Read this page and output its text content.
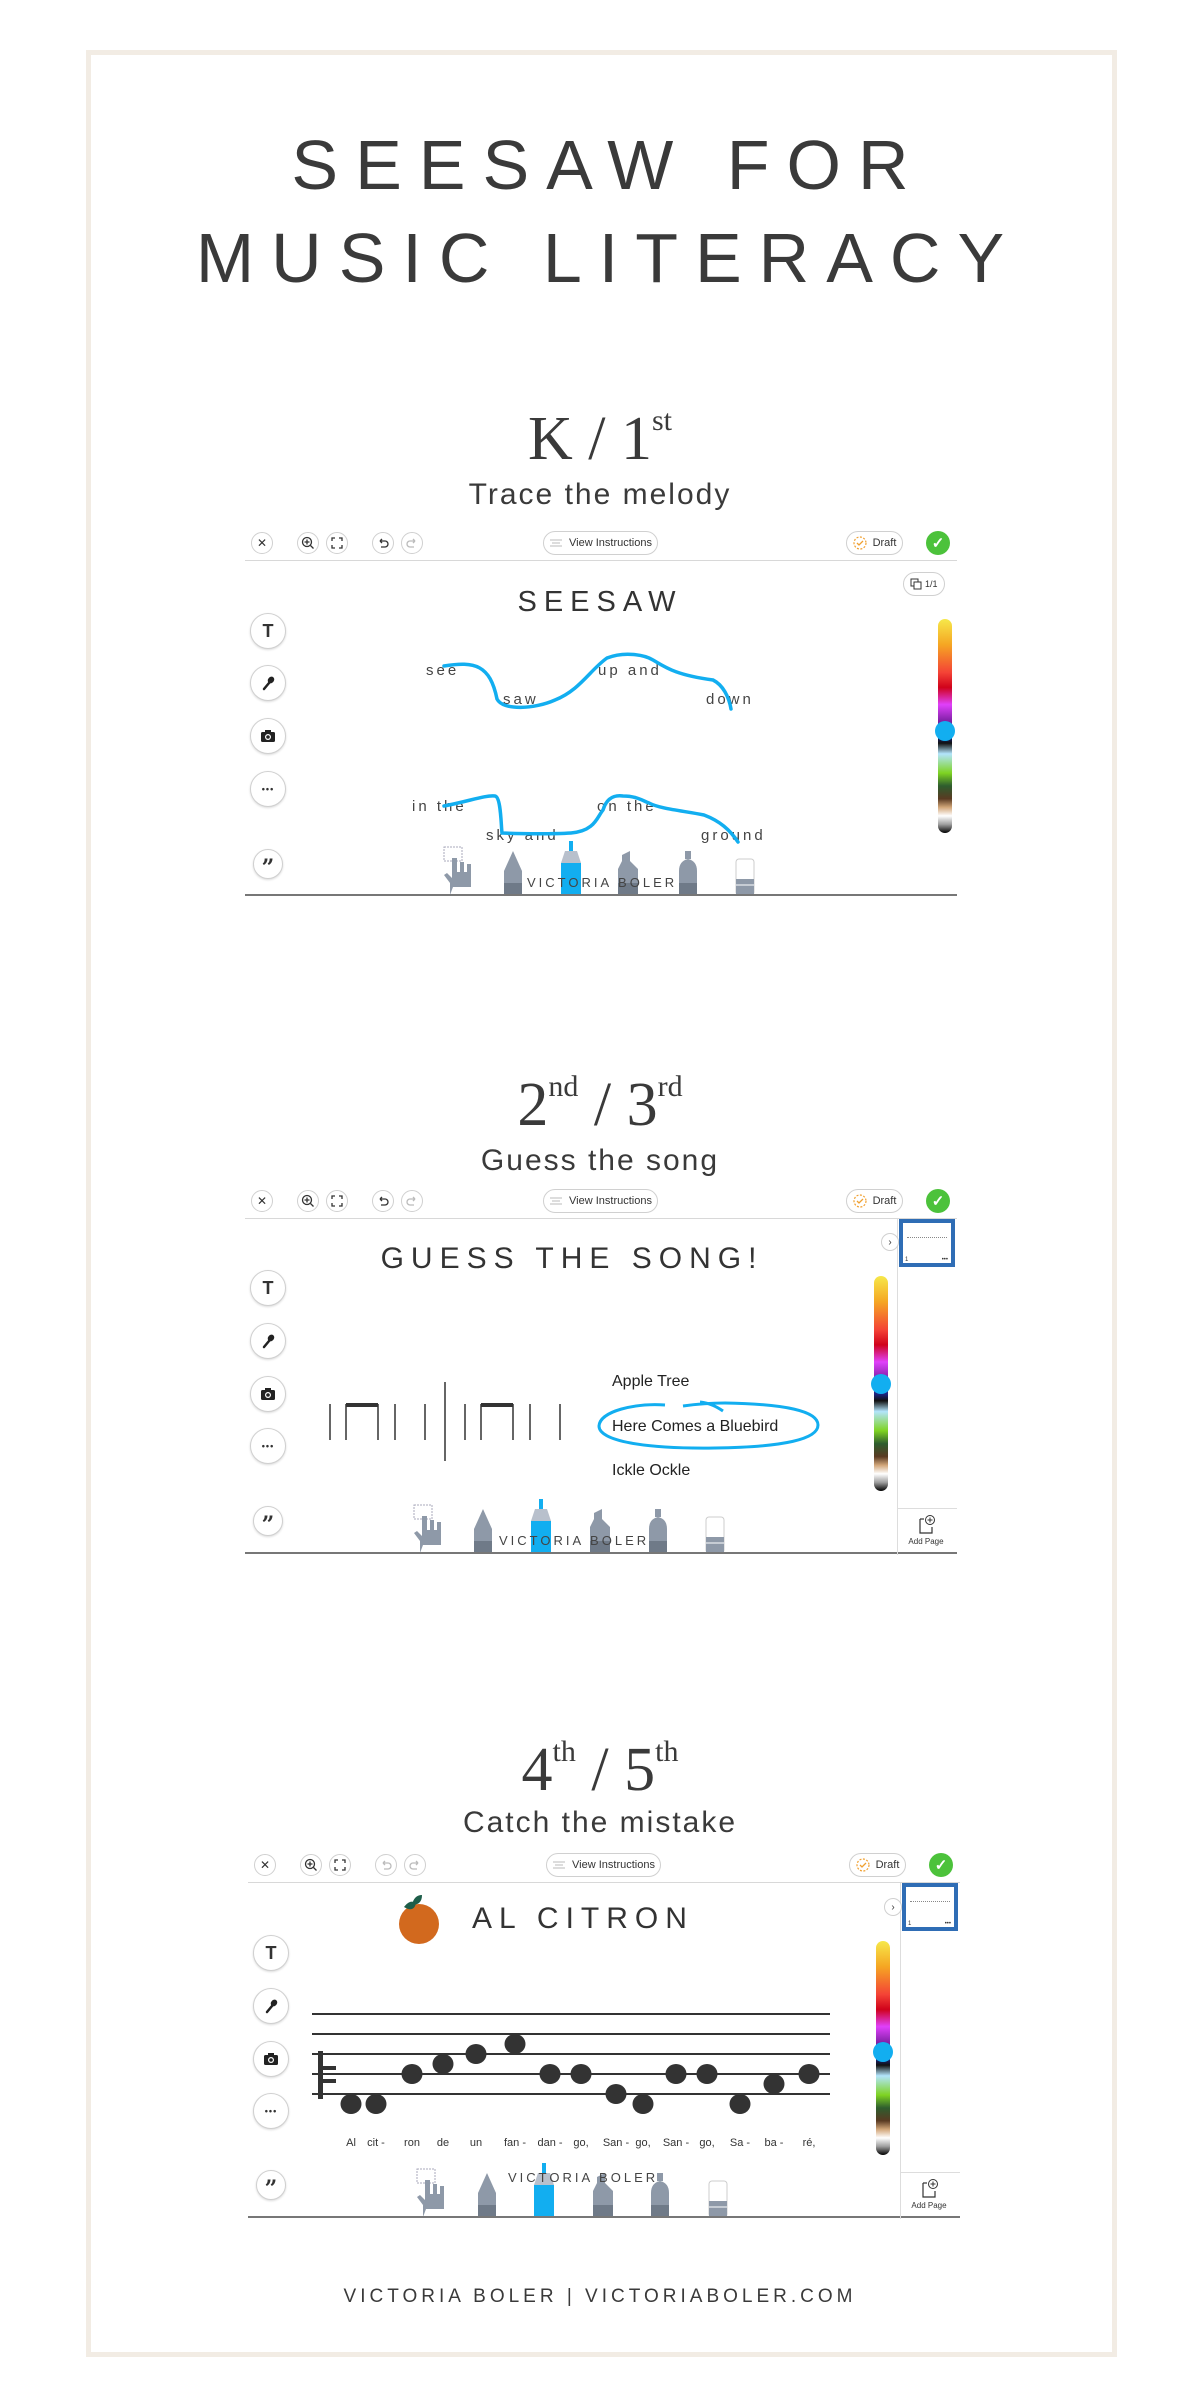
SEESAW FOR
MUSIC LITERACY
K / 1st
Trace the melody
SEESAW
see
saw
up and
down
in the
sky and
on the
ground
VICTORIA BOLER
✕	View Instructions	Draft ✓
T
•••
”
1/1
2nd / 3rd
Guess the song
GUESS THE SONG!
Apple Tree
Here Comes a Bluebird
Ickle Ockle
VICTORIA BOLER
✕	View Instructions	Draft ✓
T
•••
”
›
1	•••
Add Page
4th / 5th
Catch the mistake
AL CITRON
Al cit - ron de un fan - dan - go, San - go, San - go, Sa - ba - ré,
VICTORIA BOLER
✕	View Instructions	Draft ✓
T
•••
”
›
1	•••
Add Page
VICTORIA BOLER | VICTORIABOLER.COM
